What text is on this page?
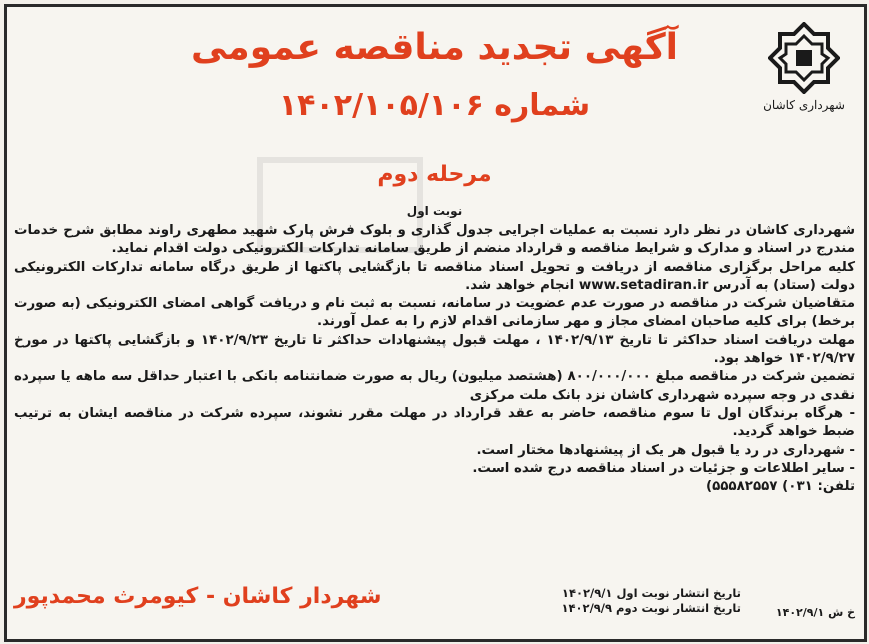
شهرداری کاشان
آگهی تجدید مناقصه عمومی
شماره ۱۴۰۲/۱۰۵/۱۰۶
مرحله دوم
نوبت اول

شهرداری کاشان در نظر دارد نسبت به عملیات اجرایی جدول گذاری و بلوک فرش پارک شهید مطهری راوند مطابق شرح خدمات مندرج در اسناد و مدارک و شرایط مناقصه و قرارداد منضم از طریق سامانه تدارکات الکترونیکی دولت اقدام نماید.

کلیه مراحل برگزاری مناقصه از دریافت و تحویل اسناد مناقصه تا بازگشایی پاکتها از طریق درگاه سامانه تدارکات الکترونیکی دولت (ستاد) به آدرس www.setadiran.ir انجام خواهد شد.

متقاضیان شرکت در مناقصه در صورت عدم عضویت در سامانه، نسبت به ثبت نام و دریافت گواهی امضای الکترونیکی (به صورت برخط) برای کلیه صاحبان امضای مجاز و مهر سازمانی اقدام لازم را به عمل آورند.

مهلت دریافت اسناد حداکثر تا تاریخ ۱۴۰۲/۹/۱۳ ، مهلت قبول پیشنهادات حداکثر تا تاریخ ۱۴۰۲/۹/۲۳ و بازگشایی پاکتها در مورخ ۱۴۰۲/۹/۲۷ خواهد بود.

تضمین شرکت در مناقصه مبلغ ۸۰۰/۰۰۰/۰۰۰ (هشتصد میلیون) ریال به صورت ضمانتنامه بانکی با اعتبار حداقل سه ماهه یا سپرده نقدی در وجه سپرده شهرداری کاشان نزد بانک ملت مرکزی

- هرگاه برندگان اول تا سوم مناقصه، حاضر به عقد قرارداد در مهلت مقرر نشوند، سپرده شرکت در مناقصه ایشان به ترتیب ضبط خواهد گردید.

- شهرداری در رد یا قبول هر یک از پیشنهادها مختار است.

- سایر اطلاعات و جزئیات در اسناد مناقصه درج شده است.

تلفن: ۰۳۱) ۵۵۵۸۲۵۵۷)

تاریخ انتشار نوبت اول ۱۴۰۲/۹/۱
تاریخ انتشار نوبت دوم ۱۴۰۲/۹/۹
شهردار کاشان - کیومرث محمدپور
خ ش ۱۴۰۲/۹/۱
